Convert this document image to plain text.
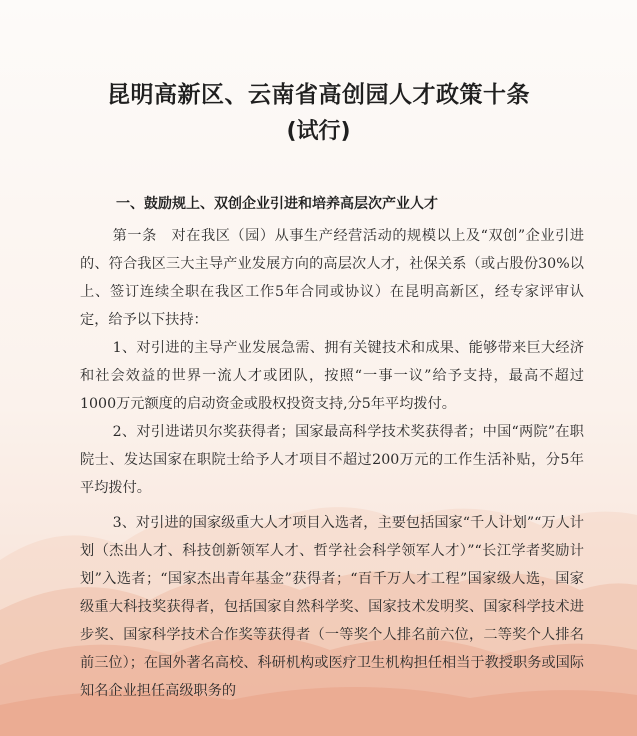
昆明高新区、云南省高创园人才政策十条
(试行)
一、鼓励规上、双创企业引进和培养高层次产业人才

第一条　对在我区（园）从事生产经营活动的规模以上及“双创”企业引进的、符合我区三大主导产业发展方向的高层次人才，社保关系（或占股份30%以上、签订连续全职在我区工作5年合同或协议）在昆明高新区，经专家评审认定，给予以下扶持：

1、对引进的主导产业发展急需、拥有关键技术和成果、能够带来巨大经济和社会效益的世界一流人才或团队，按照“一事一议”给予支持，最高不超过1000万元额度的启动资金或股权投资支持,分5年平均拨付。

2、对引进诺贝尔奖获得者；国家最高科学技术奖获得者；中国“两院”在职院士、发达国家在职院士给予人才项目不超过200万元的工作生活补贴，分5年平均拨付。

3、对引进的国家级重大人才项目入选者，主要包括国家“千人计划”“万人计划（杰出人才、科技创新领军人才、哲学社会科学领军人才）”“长江学者奖励计划”入选者；“国家杰出青年基金”获得者；“百千万人才工程”国家级人选，国家级重大科技奖获得者，包括国家自然科学奖、国家技术发明奖、国家科学技术进步奖、国家科学技术合作奖等获得者（一等奖个人排名前六位，二等奖个人排名前三位）；在国外著名高校、科研机构或医疗卫生机构担任相当于教授职务或国际知名企业担任高级职务的
